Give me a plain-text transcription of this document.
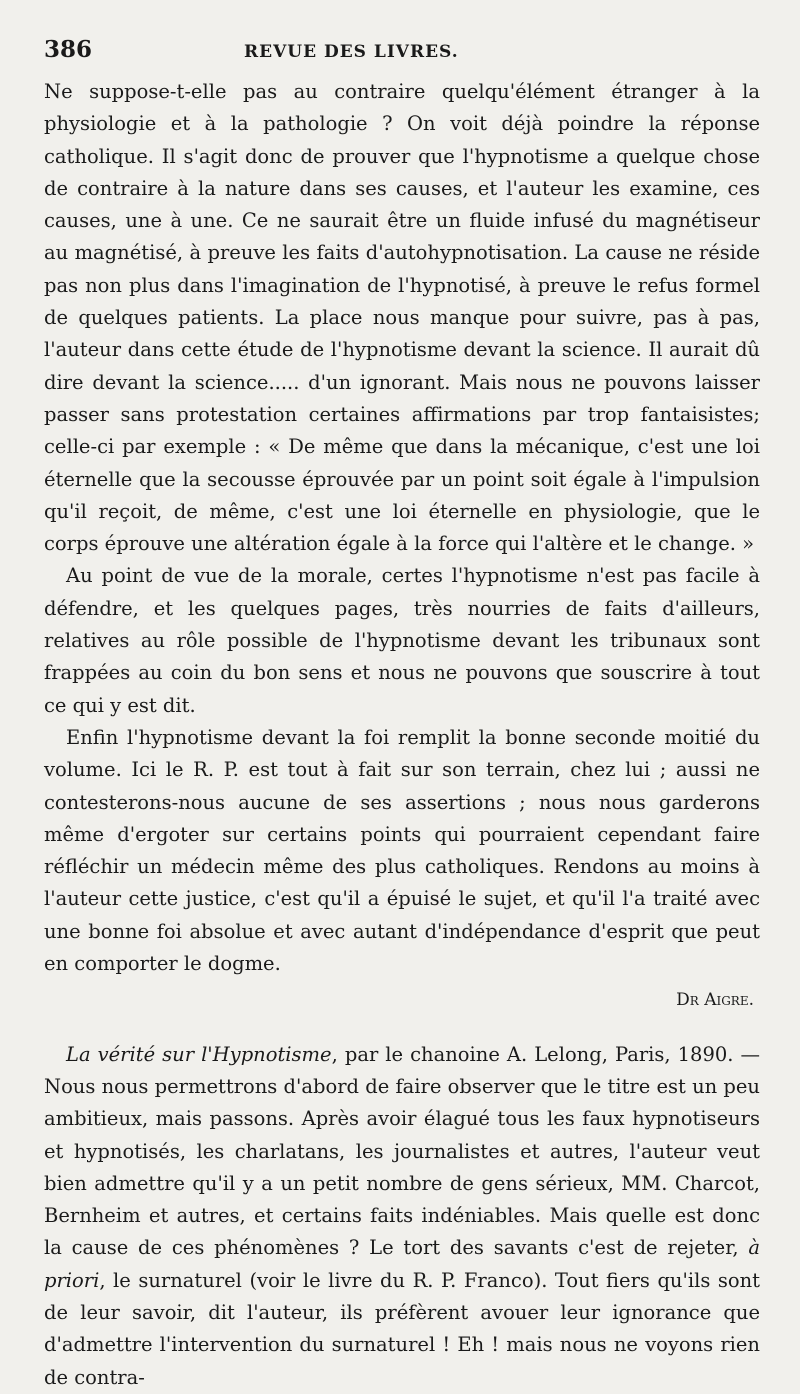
386	REVUE DES LIVRES.

Ne suppose-t-elle pas au contraire quelqu'élément étranger à la physiologie et à la pathologie ? On voit déjà poindre la réponse catholique. Il s'agit donc de prouver que l'hypnotisme a quelque chose de contraire à la nature dans ses causes, et l'auteur les examine, ces causes, une à une. Ce ne saurait être un fluide infusé du magnétiseur au magnétisé, à preuve les faits d'autohypnotisation. La cause ne réside pas non plus dans l'imagination de l'hypnotisé, à preuve le refus formel de quelques patients. La place nous manque pour suivre, pas à pas, l'auteur dans cette étude de l'hypnotisme devant la science. Il aurait dû dire devant la science..... d'un ignorant. Mais nous ne pouvons laisser passer sans protestation certaines affirmations par trop fantaisistes; celle-ci par exemple : « De même que dans la mécanique, c'est une loi éternelle que la secousse éprouvée par un point soit égale à l'impulsion qu'il reçoit, de même, c'est une loi éternelle en physiologie, que le corps éprouve une altération égale à la force qui l'altère et le change. »

Au point de vue de la morale, certes l'hypnotisme n'est pas facile à défendre, et les quelques pages, très nourries de faits d'ailleurs, relatives au rôle possible de l'hypnotisme devant les tribunaux sont frappées au coin du bon sens et nous ne pouvons que souscrire à tout ce qui y est dit.

Enfin l'hypnotisme devant la foi remplit la bonne seconde moitié du volume. Ici le R. P. est tout à fait sur son terrain, chez lui ; aussi ne contesterons-nous aucune de ses assertions ; nous nous garderons même d'ergoter sur certains points qui pourraient cependant faire réfléchir un médecin même des plus catholiques. Rendons au moins à l'auteur cette justice, c'est qu'il a épuisé le sujet, et qu'il l'a traité avec une bonne foi absolue et avec autant d'indépendance d'esprit que peut en comporter le dogme.

Dr Aigre.

La vérité sur l'Hypnotisme, par le chanoine A. Lelong, Paris, 1890. — Nous nous permettrons d'abord de faire observer que le titre est un peu ambitieux, mais passons. Après avoir élagué tous les faux hypnotiseurs et hypnotisés, les charlatans, les journalistes et autres, l'auteur veut bien admettre qu'il y a un petit nombre de gens sérieux, MM. Charcot, Bernheim et autres, et certains faits indéniables. Mais quelle est donc la cause de ces phénomènes ? Le tort des savants c'est de rejeter, à priori, le surnaturel (voir le livre du R. P. Franco). Tout fiers qu'ils sont de leur savoir, dit l'auteur, ils préfèrent avouer leur ignorance que d'admettre l'intervention du surnaturel ! Eh ! mais nous ne voyons rien de contra-
